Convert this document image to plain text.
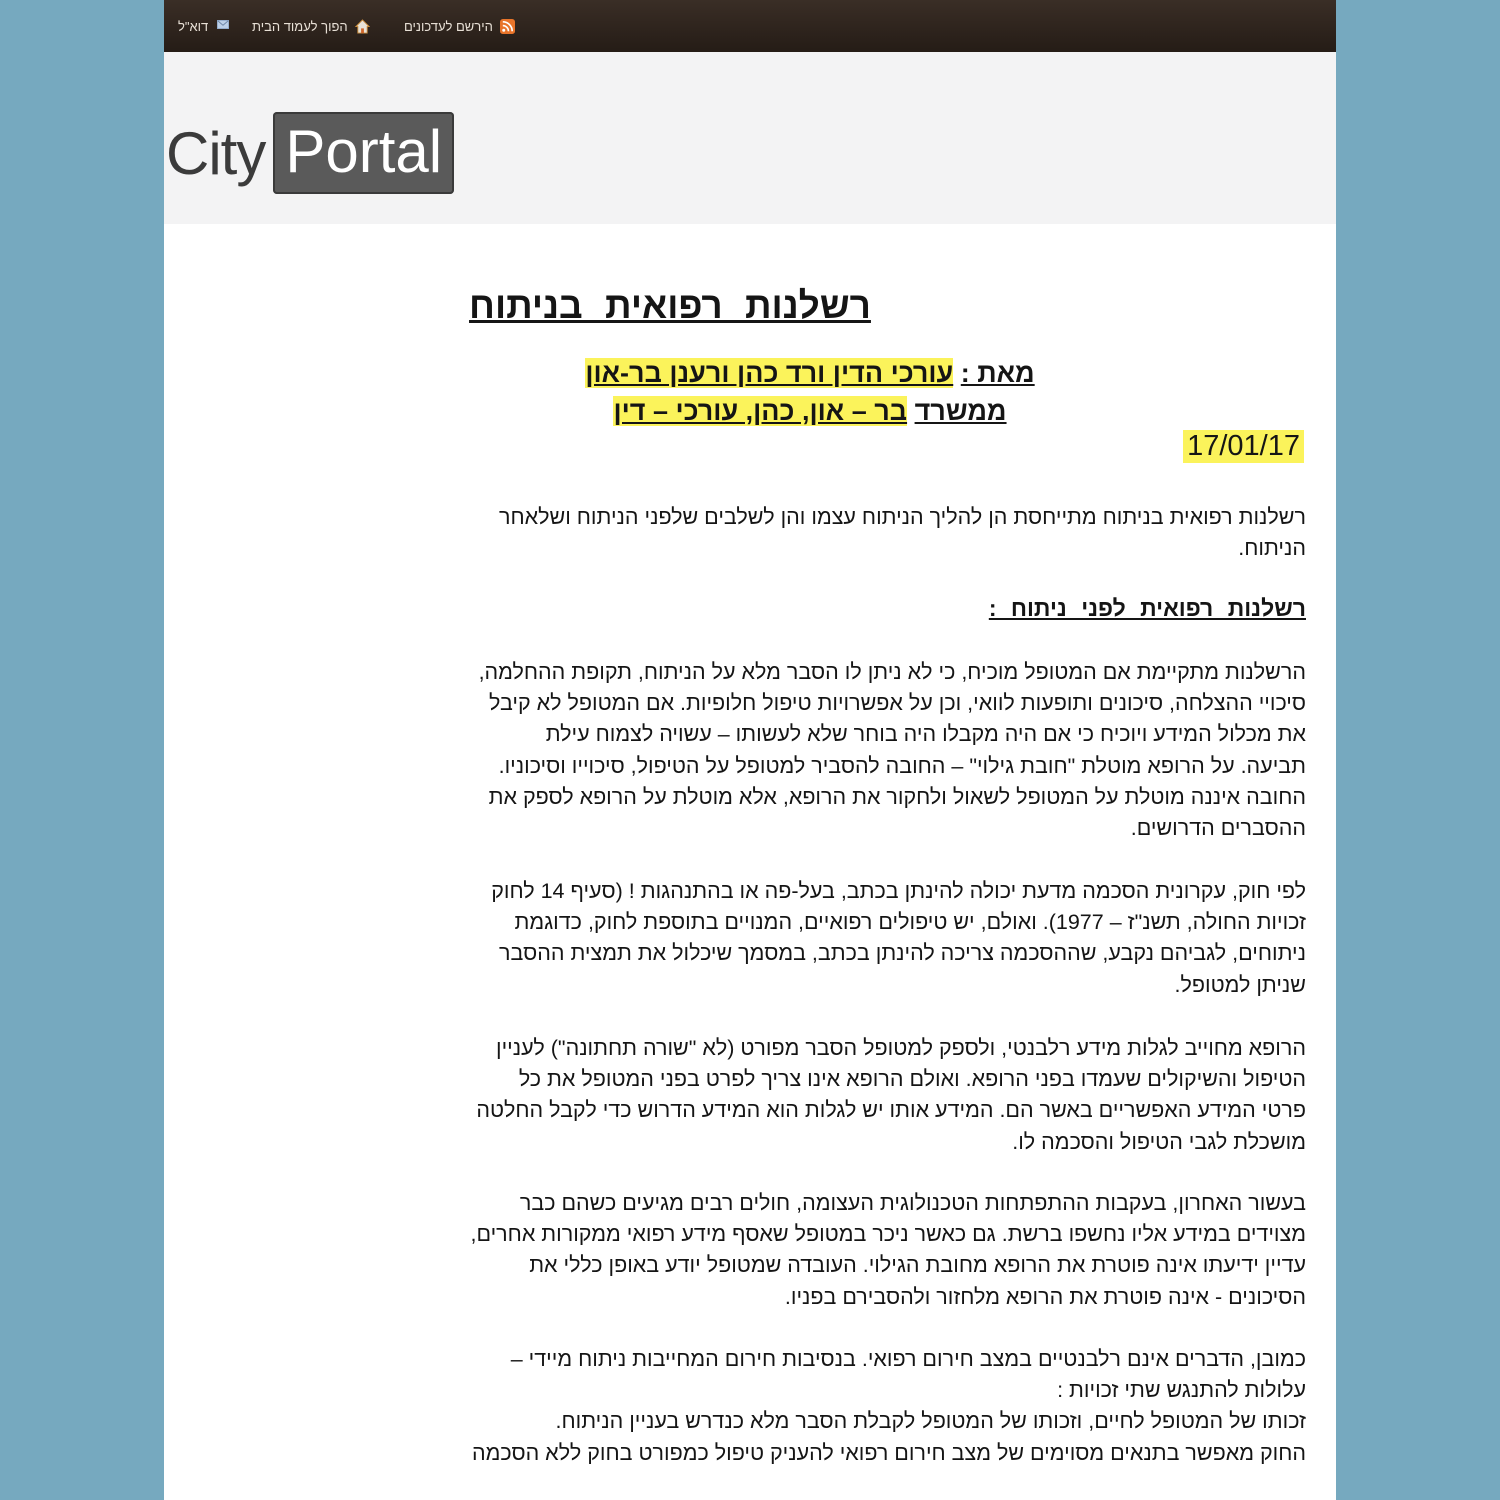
דוא"ל	הפוך לעמוד הבית	הירשם לעדכונים
City Portal
רשלנות רפואית בניתוח
מאת : עורכי הדין ורד כהן ורענן בר-און
ממשרד בר – און, כהן, עורכי – דין
17/01/17
רשלנות רפואית בניתוח מתייחסת הן להליך הניתוח עצמו והן לשלבים שלפני הניתוח ושלאחר
הניתוח.
רשלנות רפואית לפני ניתוח :
הרשלנות מתקיימת אם המטופל מוכיח, כי לא ניתן לו הסבר מלא על הניתוח, תקופת ההחלמה,
סיכויי ההצלחה, סיכונים ותופעות לוואי, וכן על אפשרויות טיפול חלופיות. אם המטופל לא קיבל
את מכלול המידע ויוכיח כי אם היה מקבלו היה בוחר שלא לעשותו – עשויה לצמוח עילת
תביעה. על הרופא מוטלת "חובת גילוי" – החובה להסביר למטופל על הטיפול, סיכוייו וסיכוניו.
החובה איננה מוטלת על המטופל לשאול ולחקור את הרופא, אלא מוטלת על הרופא לספק את
ההסברים הדרושים.
לפי חוק, עקרונית הסכמה מדעת יכולה להינתן בכתב, בעל-פה או בהתנהגות ! (סעיף 14 לחוק
זכויות החולה, תשנ"ז – 1977). ואולם, יש טיפולים רפואיים, המנויים בתוספת לחוק, כדוגמת
ניתוחים, לגביהם נקבע, שההסכמה צריכה להינתן בכתב, במסמך שיכלול את תמצית ההסבר
שניתן למטופל.
הרופא מחוייב לגלות מידע רלבנטי, ולספק למטופל הסבר מפורט (לא "שורה תחתונה") לעניין
הטיפול והשיקולים שעמדו בפני הרופא. ואולם הרופא אינו צריך לפרט בפני המטופל את כל
פרטי המידע האפשריים באשר הם. המידע אותו יש לגלות הוא המידע הדרוש כדי לקבל החלטה
מושכלת לגבי הטיפול והסכמה לו.
בעשור האחרון, בעקבות ההתפתחות הטכנולוגית העצומה, חולים רבים מגיעים כשהם כבר
מצוידים במידע אליו נחשפו ברשת. גם כאשר ניכר במטופל שאסף מידע רפואי ממקורות אחרים,
עדיין ידיעתו אינה פוטרת את הרופא מחובת הגילוי. העובדה שמטופל יודע באופן כללי את
הסיכונים - אינה פוטרת את הרופא מלחזור ולהסבירם בפניו.
כמובן, הדברים אינם רלבנטיים במצב חירום רפואי. בנסיבות חירום המחייבות ניתוח מיידי –
עלולות להתנגש שתי זכויות :
זכותו של המטופל לחיים, וזכותו של המטופל לקבלת הסבר מלא כנדרש בעניין הניתוח.
החוק מאפשר בתנאים מסוימים של מצב חירום רפואי להעניק טיפול כמפורט בחוק ללא הסכמה
